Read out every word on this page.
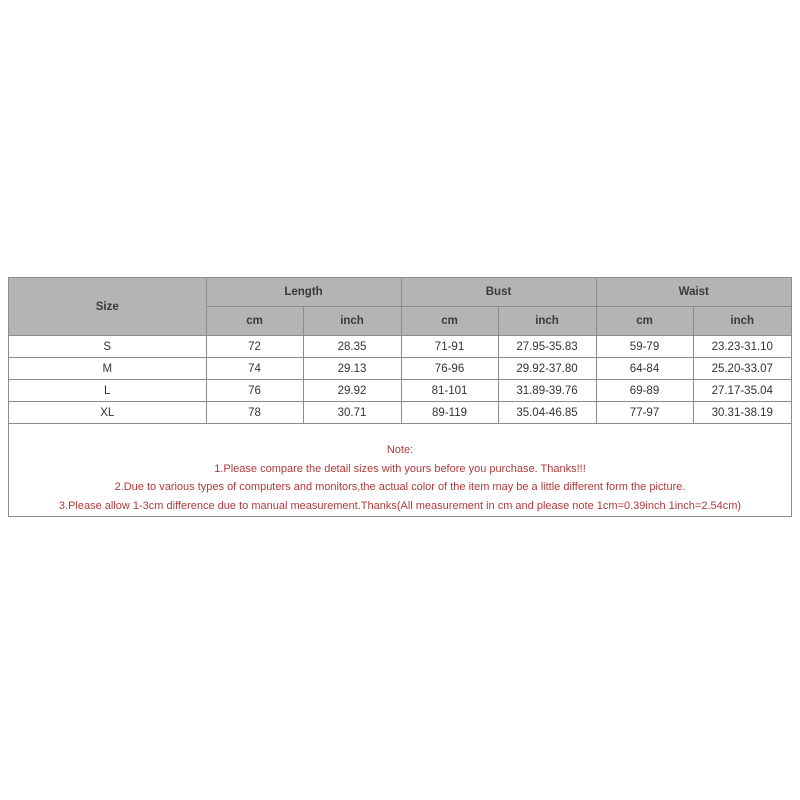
Size	Length		Bust		Waist	
	cm	inch	cm	inch	cm	inch
S	72	28.35	71-91	27.95-35.83	59-79	23.23-31.10
M	74	29.13	76-96	29.92-37.80	64-84	25.20-33.07
L	76	29.92	81-101	31.89-39.76	69-89	27.17-35.04
XL	78	30.71	89-119	35.04-46.85	77-97	30.31-38.19
Note:
1.Please compare the detail sizes with yours before you purchase. Thanks!!!
2.Due to various types of computers and monitors,the actual color of the item may be a little different form the picture.
3.Please allow 1-3cm difference due to manual measurement.Thanks(All measurement in cm and please note 1cm=0.39inch 1inch=2.54cm)
